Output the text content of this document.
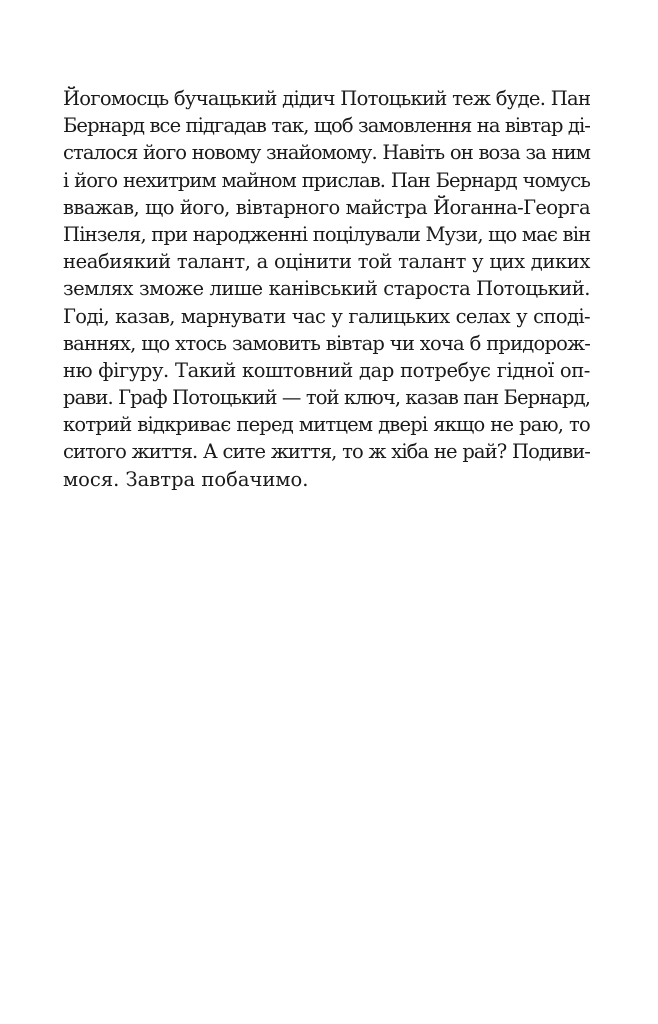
Йогомосць бучацький дідич Потоцький теж буде. Пан
Бернард все підгадав так, щоб замовлення на вівтар ді-
сталося його новому знайомому. Навіть он воза за ним
і його нехитрим майном прислав. Пан Бернард чомусь
вважав, що його, вівтарного майстра Йоганна-Георга
Пінзеля, при народженні поцілували Музи, що має він
неабиякий талант, а оцінити той талант у цих диких
землях зможе лише канівський староста Потоцький.
Годі, казав, марнувати час у галицьких селах у сподi-
ваннях, що хтось замовить вівтар чи хоча б придорож-
ню фігуру. Такий коштовний дар потребує гідної оп-
рави. Граф Потоцький — той ключ, казав пан Бернард,
котрий відкриває перед митцем двері якщо не раю, то
ситого життя. А сите життя, то ж хіба не рай? Подиви-
мося. Завтра побачимо.
